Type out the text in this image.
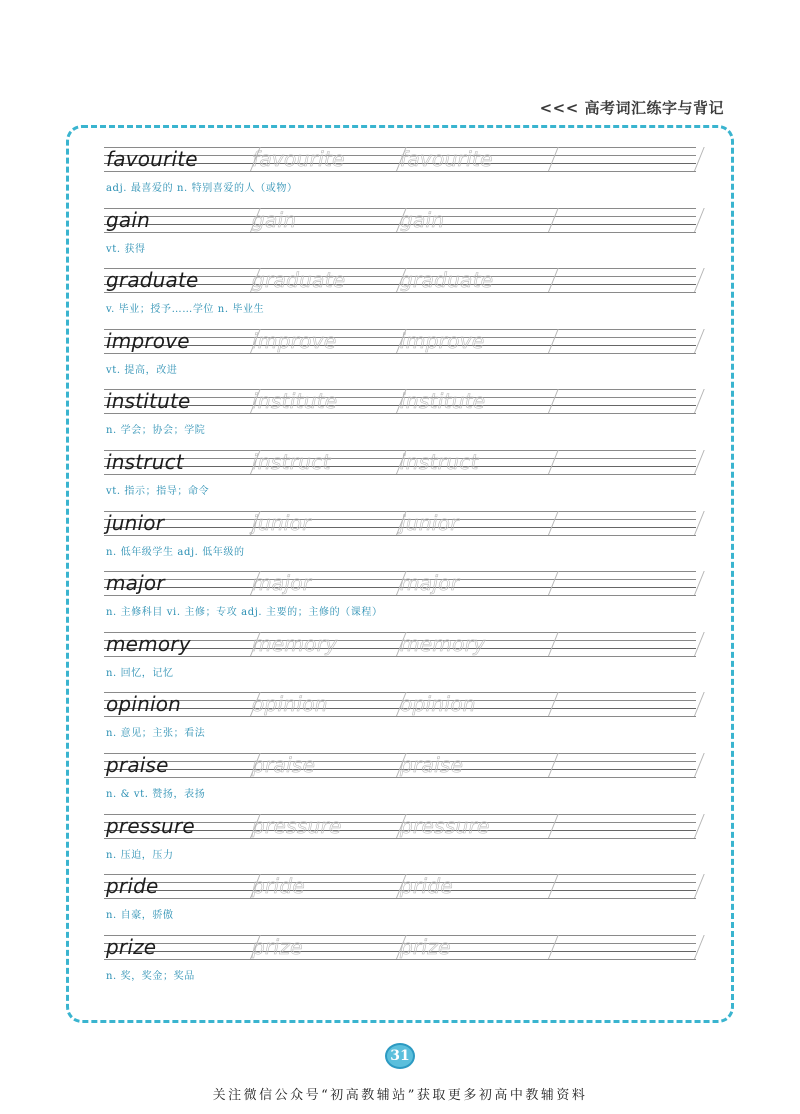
<<< 高考词汇练字与背记
favourite	favourite	favourite
adj. 最喜爱的 n. 特别喜爱的人（或物）
gain	gain	gain
vt. 获得
graduate	graduate	graduate
v. 毕业；授予……学位 n. 毕业生
improve	improve	improve
vt. 提高，改进
institute	institute	institute
n. 学会；协会；学院
instruct	instruct	instruct
vt. 指示；指导；命令
junior	junior	junior
n. 低年级学生 adj. 低年级的
major	major	major
n. 主修科目 vi. 主修；专攻 adj. 主要的；主修的（课程）
memory	memory	memory
n. 回忆，记忆
opinion	opinion	opinion
n. 意见；主张；看法
praise	praise	praise
n. & vt. 赞扬，表扬
pressure	pressure	pressure
n. 压迫，压力
pride	pride	pride
n. 自豪，骄傲
prize	prize	prize
n. 奖，奖金；奖品
31
关注微信公众号“初高教辅站”获取更多初高中教辅资料
